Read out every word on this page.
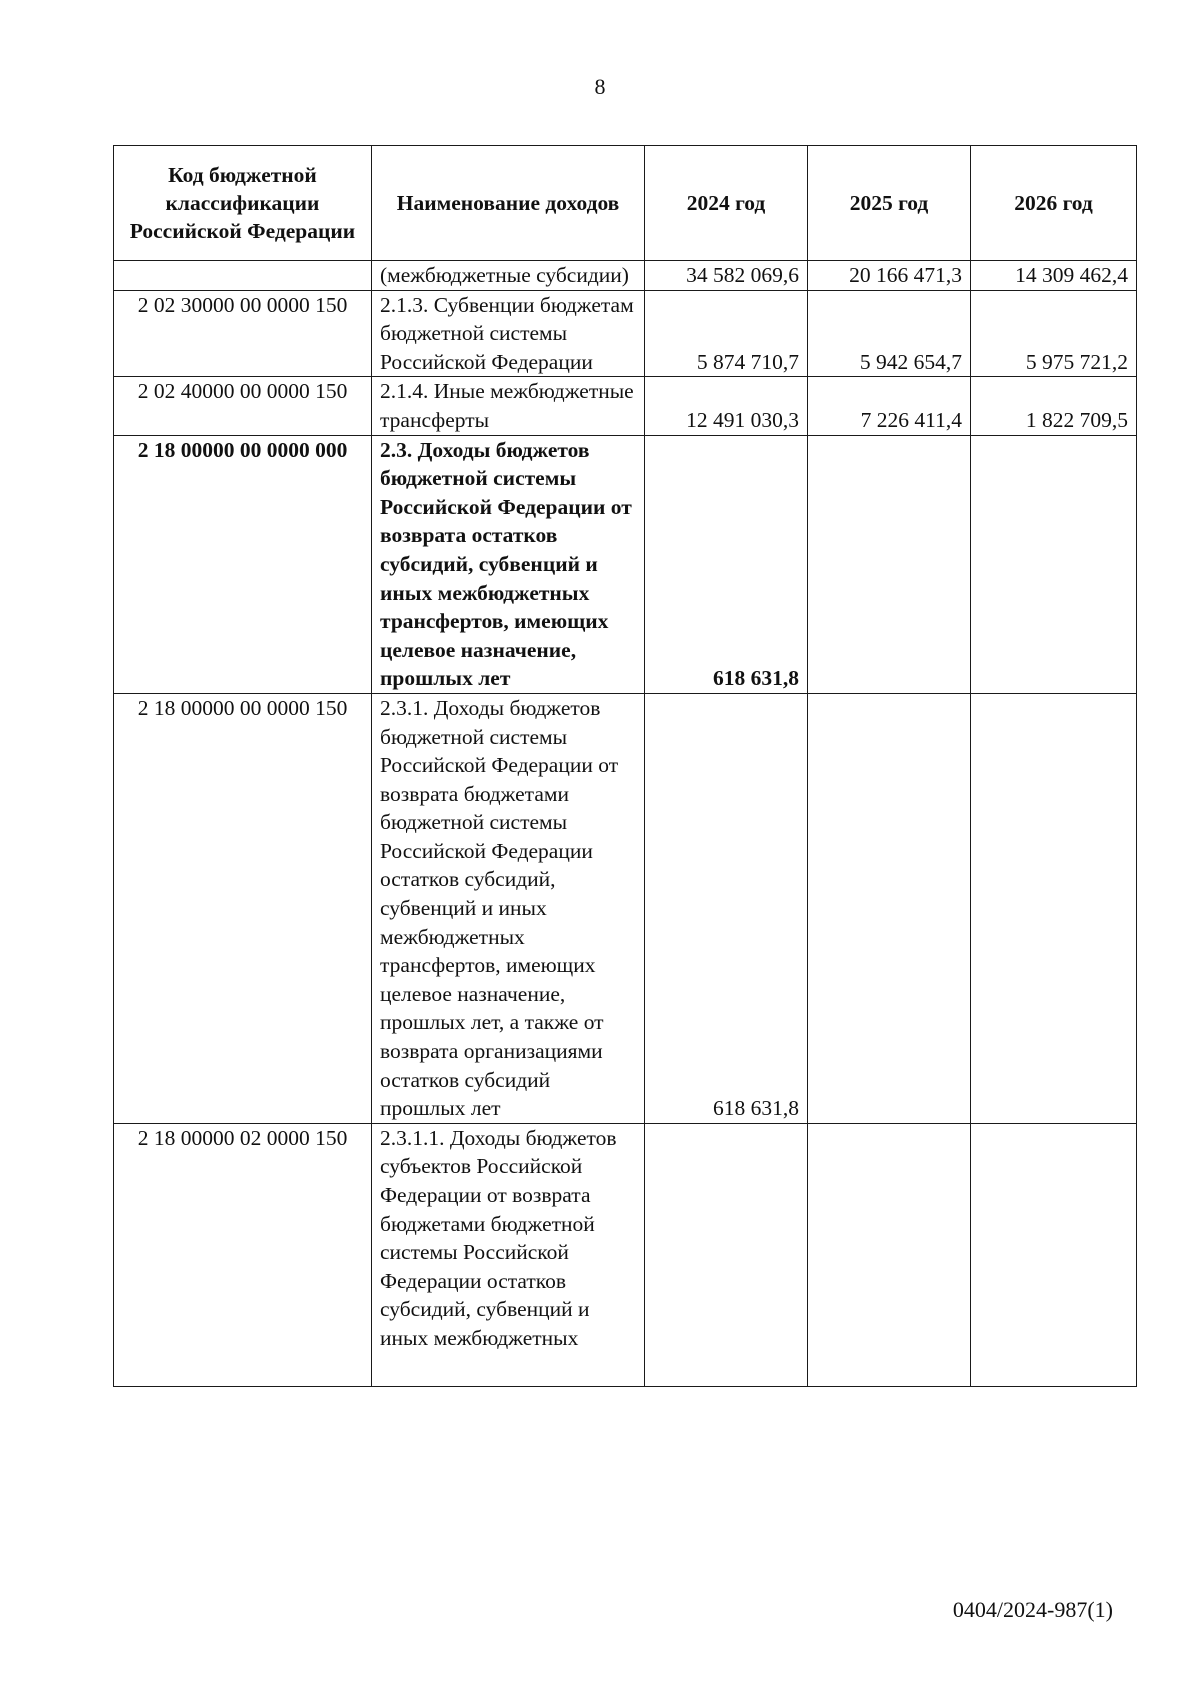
8
Код бюджетной классификации Российской Федерации	Наименование доходов	2024 год	2025 год	2026 год
	(межбюджетные субсидии)	34 582 069,6	20 166 471,3	14 309 462,4
2 02 30000 00 0000 150	2.1.3. Субвенции бюджетам бюджетной системы Российской Федерации	5 874 710,7	5 942 654,7	5 975 721,2
2 02 40000 00 0000 150	2.1.4. Иные межбюджетные трансферты	12 491 030,3	7 226 411,4	1 822 709,5
2 18 00000 00 0000 000	2.3. Доходы бюджетов бюджетной системы Российской Федерации от возврата остатков субсидий, субвенций и иных межбюджетных трансфертов, имеющих целевое назначение, прошлых лет	618 631,8		
2 18 00000 00 0000 150	2.3.1. Доходы бюджетов бюджетной системы Российской Федерации от возврата бюджетами бюджетной системы Российской Федерации остатков субсидий, субвенций и иных межбюджетных трансфертов, имеющих целевое назначение, прошлых лет, а также от возврата организациями остатков субсидий прошлых лет	618 631,8		
2 18 00000 02 0000 150	2.3.1.1. Доходы бюджетов субъектов Российской Федерации от возврата бюджетами бюджетной системы Российской Федерации остатков субсидий, субвенций и иных межбюджетных			
0404/2024-987(1)
